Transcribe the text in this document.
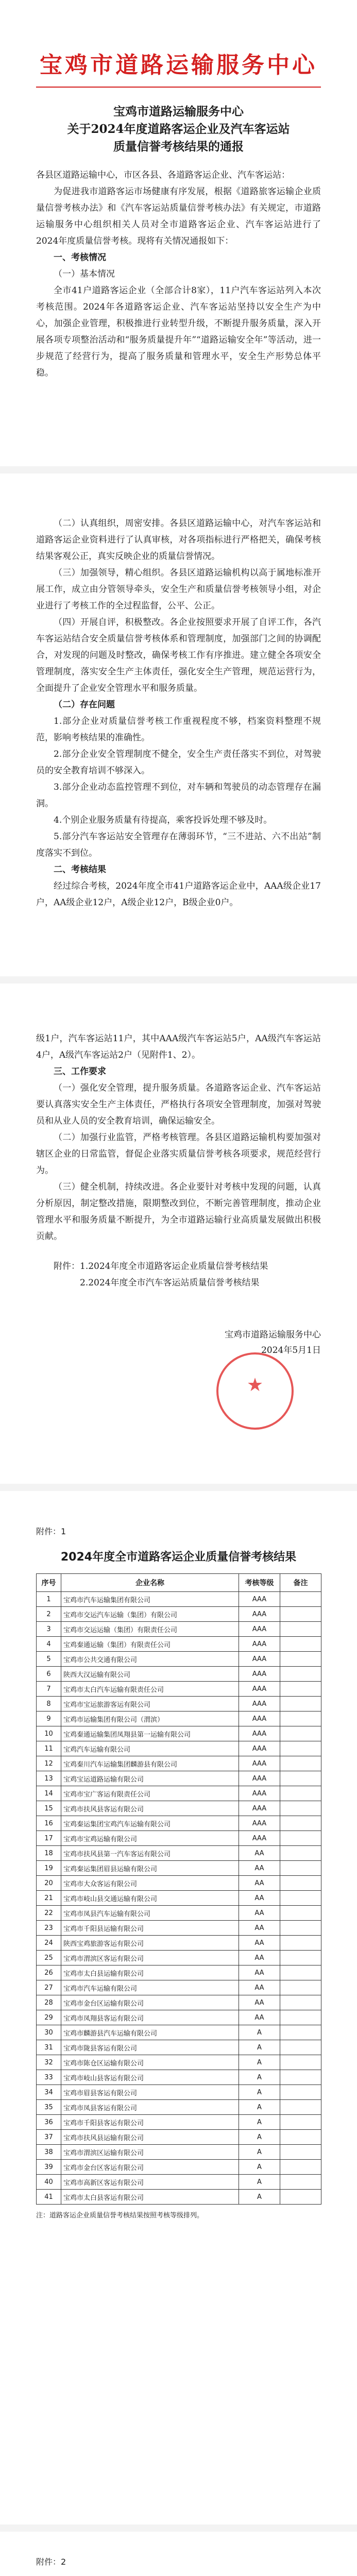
宝鸡市道路运输服务中心

宝鸡市道路运输服务中心

关于2024年度道路客运企业及汽车客运站

质量信誉考核结果的通报

各县区道路运输中心，市区各县、各道路客运企业、汽车客运站：

为促进我市道路客运市场健康有序发展，根据《道路旅客运输企业质量信誉考核办法》和《汽车客运站质量信誉考核办法》有关规定，市道路运输服务中心组织相关人员对全市道路客运企业、汽车客运站进行了2024年度质量信誉考核。现将有关情况通报如下：

一、考核情况

（一）基本情况

全市41户道路客运企业（全部合计8家），11户汽车客运站列入本次考核范围。2024年各道路客运企业、汽车客运站坚持以安全生产为中心，加强企业管理，积极推进行业转型升级，不断提升服务质量，深入开展各项专项整治活动和“服务质量提升年”“道路运输安全年”等活动，进一步规范了经营行为，提高了服务质量和管理水平，安全生产形势总体平稳。

（二）认真组织，周密安排。各县区道路运输中心，对汽车客运站和道路客运企业资料进行了认真审核，对各项指标进行严格把关，确保考核结果客观公正，真实反映企业的质量信誉情况。

（三）加强领导，精心组织。各县区道路运输机构以高于属地标准开展工作，成立由分管领导牵头，安全生产和质量信誉考核领导小组，对企业进行了考核工作的全过程监督，公平、公正。

（四）开展自评，积极整改。各企业按照要求开展了自评工作，各汽车客运站结合安全质量信誉考核体系和管理制度，加强部门之间的协调配合，对发现的问题及时整改，确保考核工作有序推进。建立健全各项安全管理制度，落实安全生产主体责任，强化安全生产管理，规范运营行为，全面提升了企业安全管理水平和服务质量。

（二）存在问题

1.部分企业对质量信誉考核工作重视程度不够，档案资料整理不规范，影响考核结果的准确性。

2.部分企业安全管理制度不健全，安全生产责任落实不到位，对驾驶员的安全教育培训不够深入。

3.部分企业动态监控管理不到位，对车辆和驾驶员的动态管理存在漏洞。

4.个别企业服务质量有待提高，乘客投诉处理不够及时。

5.部分汽车客运站安全管理存在薄弱环节，“三不进站、六不出站”制度落实不到位。

二、考核结果

经过综合考核，2024年度全市41户道路客运企业中，AAA级企业17户，AA级企业12户，A级企业12户，B级企业0户。

级1户，汽车客运站11户，其中AAA级汽车客运站5户，AA级汽车客运站4户，A级汽车客运站2户（见附件1、2）。

三、工作要求

（一）强化安全管理，提升服务质量。各道路客运企业、汽车客运站要认真落实安全生产主体责任，严格执行各项安全管理制度，加强对驾驶员和从业人员的安全教育培训，确保运输安全。

（二）加强行业监管，严格考核管理。各县区道路运输机构要加强对辖区企业的日常监管，督促企业落实质量信誉考核各项要求，规范经营行为。

（三）健全机制，持续改进。各企业要针对考核中发现的问题，认真分析原因，制定整改措施，限期整改到位，不断完善管理制度，推动企业管理水平和服务质量不断提升，为全市道路运输行业高质量发展做出积极贡献。

附件：1.2024年度全市道路客运企业质量信誉考核结果

2.2024年度全市汽车客运站质量信誉考核结果

宝鸡市道路运输服务中心

2024年5月1日

★
附件：1
2024年度全市道路客运企业质量信誉考核结果
序号	企业名称	考核等级	备注
1	宝鸡市汽车运输集团有限公司	AAA	
2	宝鸡市交运汽车运输（集团）有限公司	AAA	
3	宝鸡市交运运输（集团）有限责任公司	AAA	
4	宝鸡秦通运输（集团）有限责任公司	AAA	
5	宝鸡市公共交通有限公司	AAA	
6	陕西大汉运输有限公司	AAA	
7	宝鸡市太白汽车运输有限责任公司	AAA	
8	宝鸡市宝运旅游客运有限公司	AAA	
9	宝鸡市运输集团有限公司（渭滨）	AAA	
10	宝鸡秦通运输集团凤翔县第一运输有限公司	AAA	
11	宝鸡汽车运输有限公司	AAA	
12	宝鸡秦川汽车运输集团麟游县有限公司	AAA	
13	宝鸡宝运道路运输有限公司	AAA	
14	宝鸡市宝广客运有限责任公司	AAA	
15	宝鸡市扶风县客运有限公司	AAA	
16	宝鸡秦运集团宝鸡汽车运输有限公司	AAA	
17	宝鸡市宝鸡运输有限公司	AAA	
18	宝鸡市扶风县第一汽车客运有限公司	AA	
19	宝鸡秦运集团眉县运输有限公司	AA	
20	宝鸡市大众客运有限公司	AA	
21	宝鸡市岐山县交通运输有限公司	AA	
22	宝鸡市凤县汽车运输有限公司	AA	
23	宝鸡市千阳县运输有限公司	AA	
24	陕西宝鸡旅游客运有限公司	AA	
25	宝鸡市渭滨区客运有限公司	AA	
26	宝鸡市太白县运输有限公司	AA	
27	宝鸡市汽车运输有限公司	AA	
28	宝鸡市金台区运输有限公司	AA	
29	宝鸡市凤翔县客运有限公司	AA	
30	宝鸡市麟游县汽车运输有限公司	A	
31	宝鸡市陇县客运有限公司	A	
32	宝鸡市陈仓区运输有限公司	A	
33	宝鸡市岐山县客运有限公司	A	
34	宝鸡市眉县客运有限公司	A	
35	宝鸡市凤县客运有限公司	A	
36	宝鸡市千阳县客运有限公司	A	
37	宝鸡市扶风县运输有限公司	A	
38	宝鸡市渭滨区运输有限公司	A	
39	宝鸡市金台区客运有限公司	A	
40	宝鸡市高新区客运有限公司	A	
41	宝鸡市太白县客运有限公司	A	
注：道路客运企业质量信誉考核结果按照考核等级排列。
附件：2
